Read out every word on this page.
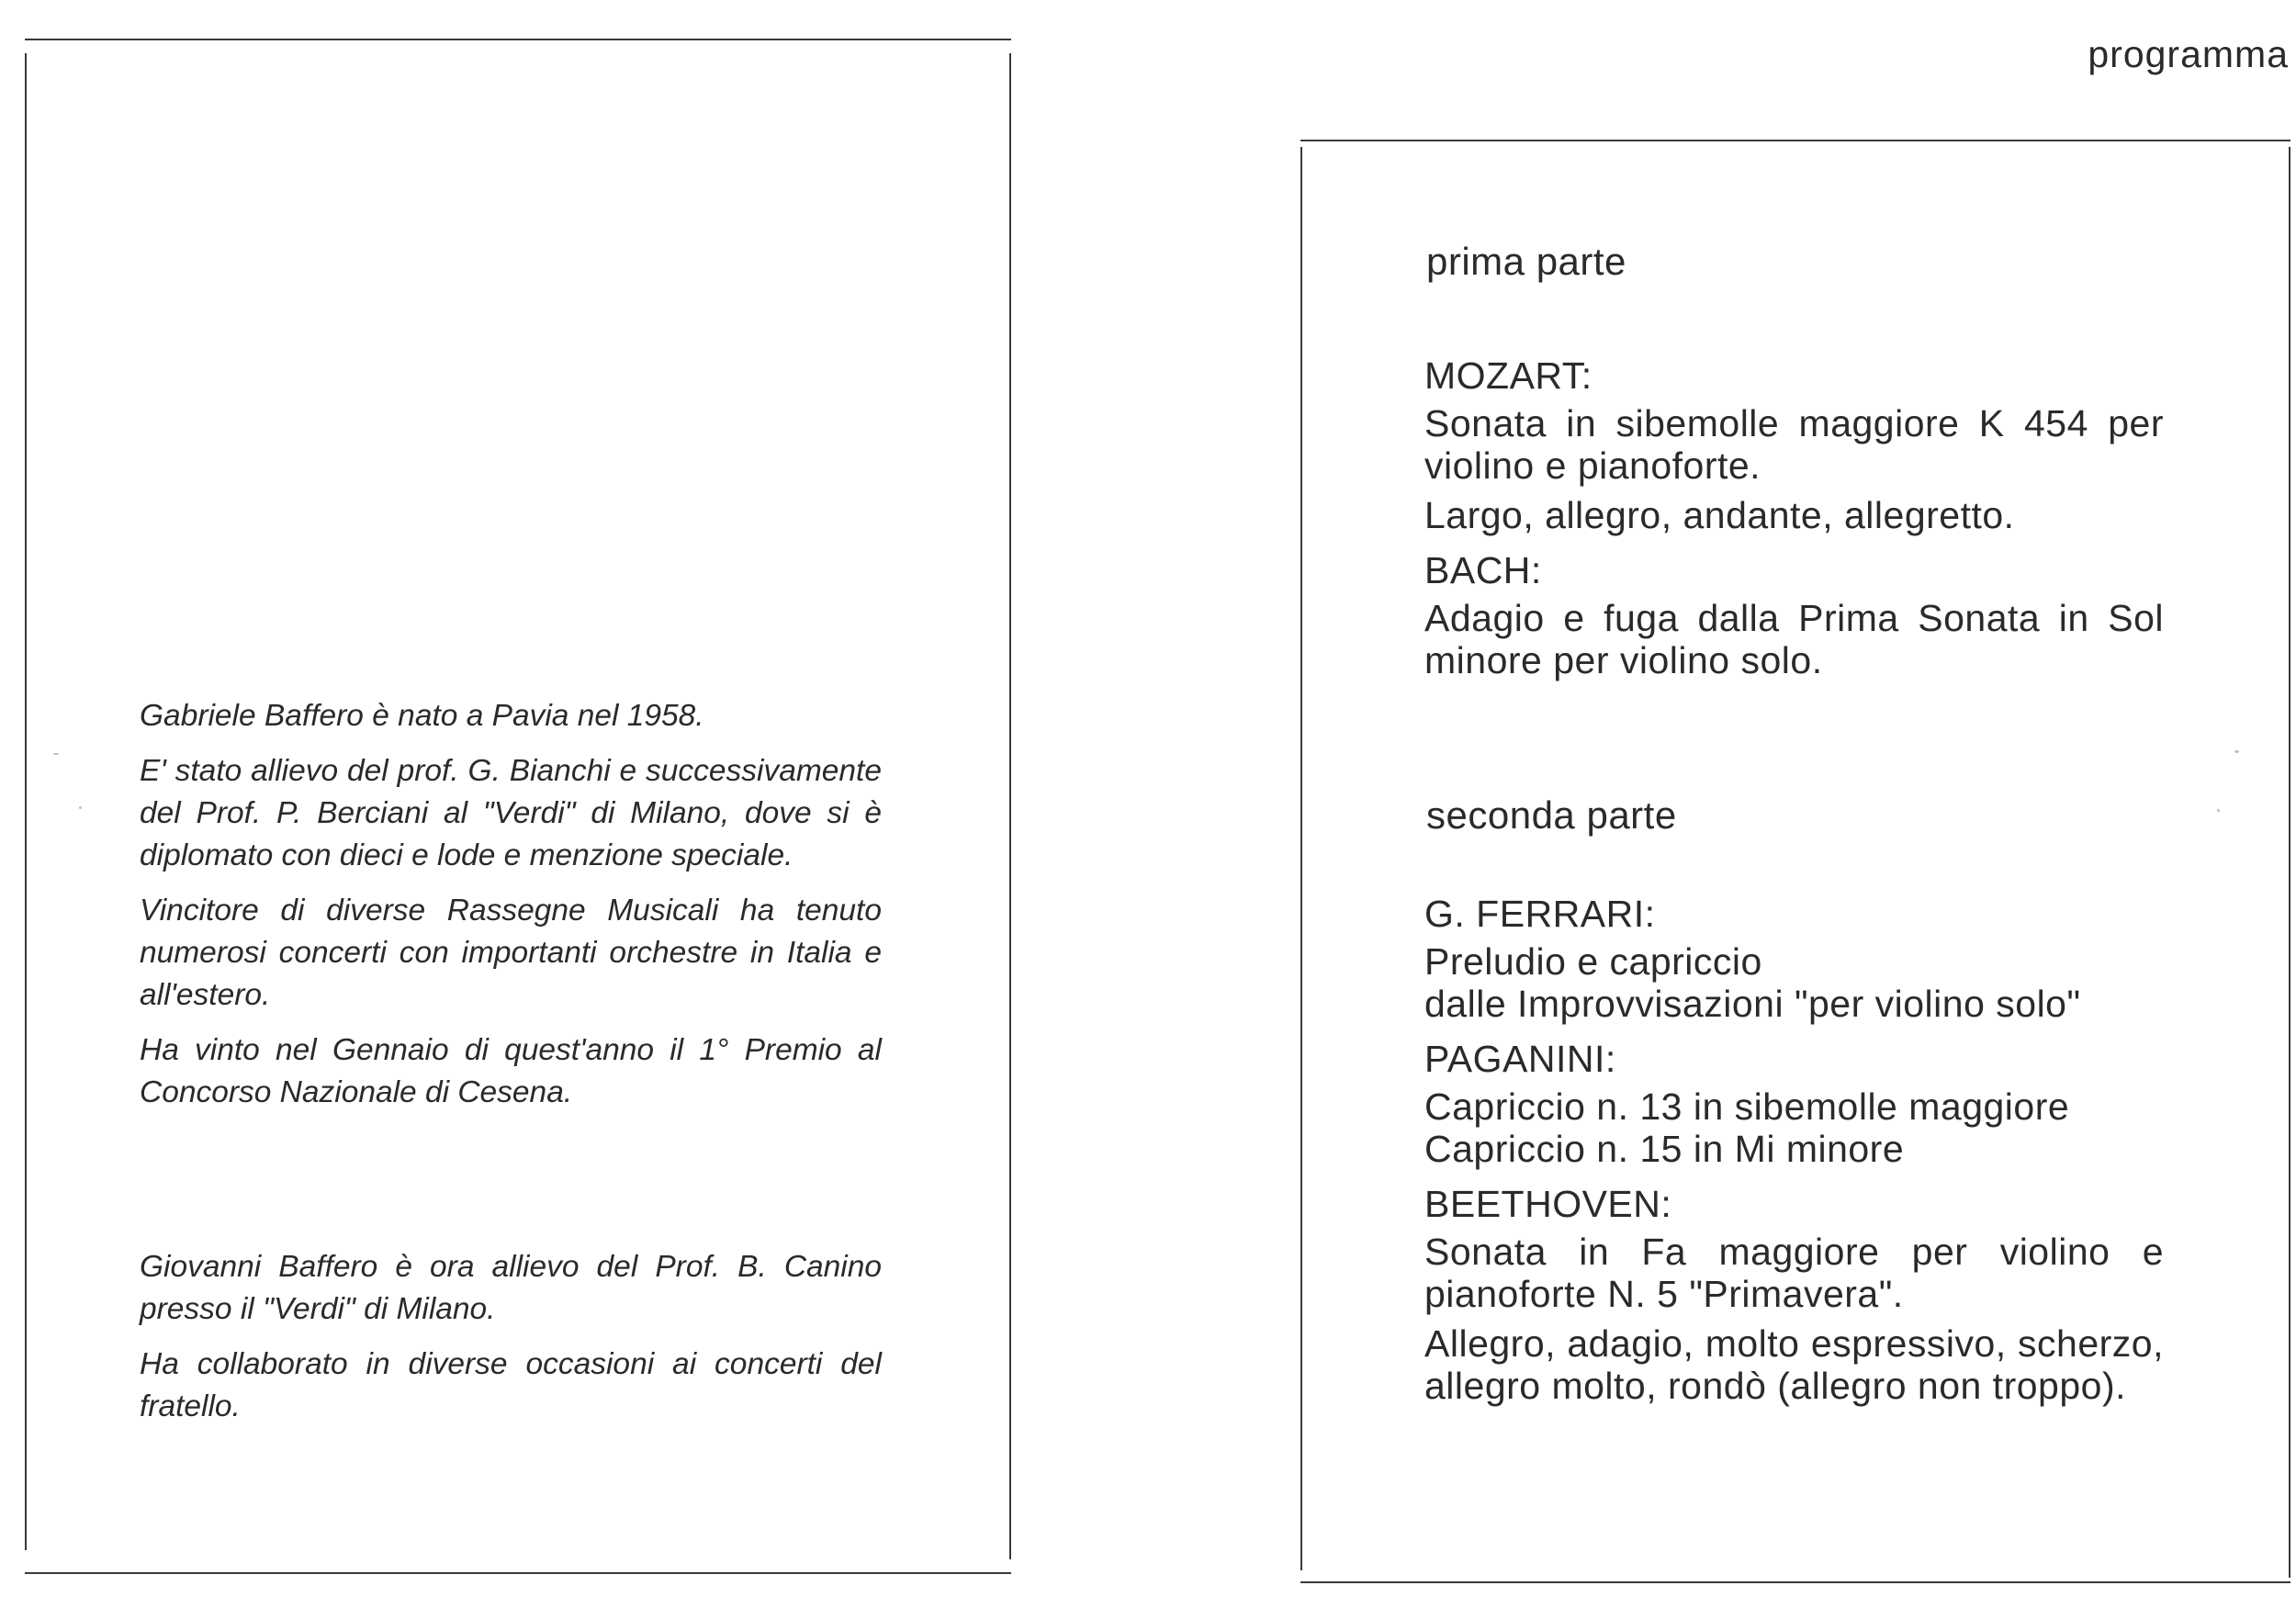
Gabriele Baffero è nato a Pavia nel 1958.

E' stato allievo del prof. G. Bianchi e successivamente del Prof. P. Berciani al "Verdi" di Milano, dove si è diplomato con dieci e lode e menzione speciale.

Vincitore di diverse Rassegne Musicali ha tenuto numerosi concerti con importanti orchestre in Italia e all'estero.

Ha vinto nel Gennaio di quest'anno il 1° Premio al Concorso Nazionale di Cesena.

Giovanni Baffero è ora allievo del Prof. B. Canino presso il "Verdi" di Milano.

Ha collaborato in diverse occasioni ai concerti del fratello.

programma
prima parte
MOZART:
Sonata in sibemolle maggiore K 454 per violino e pianoforte.
Largo, allegro, andante, allegretto.
BACH:
Adagio e fuga dalla Prima Sonata in Sol minore per violino solo.
seconda parte
G. FERRARI:
Preludio e capriccio
dalle Improvvisazioni "per violino solo"
PAGANINI:
Capriccio n. 13 in sibemolle maggiore
Capriccio n. 15 in Mi minore
BEETHOVEN:
Sonata in Fa maggiore per violino e pianoforte N. 5 "Primavera".
Allegro, adagio, molto espressivo, scherzo, allegro molto, rondò (allegro non troppo).
